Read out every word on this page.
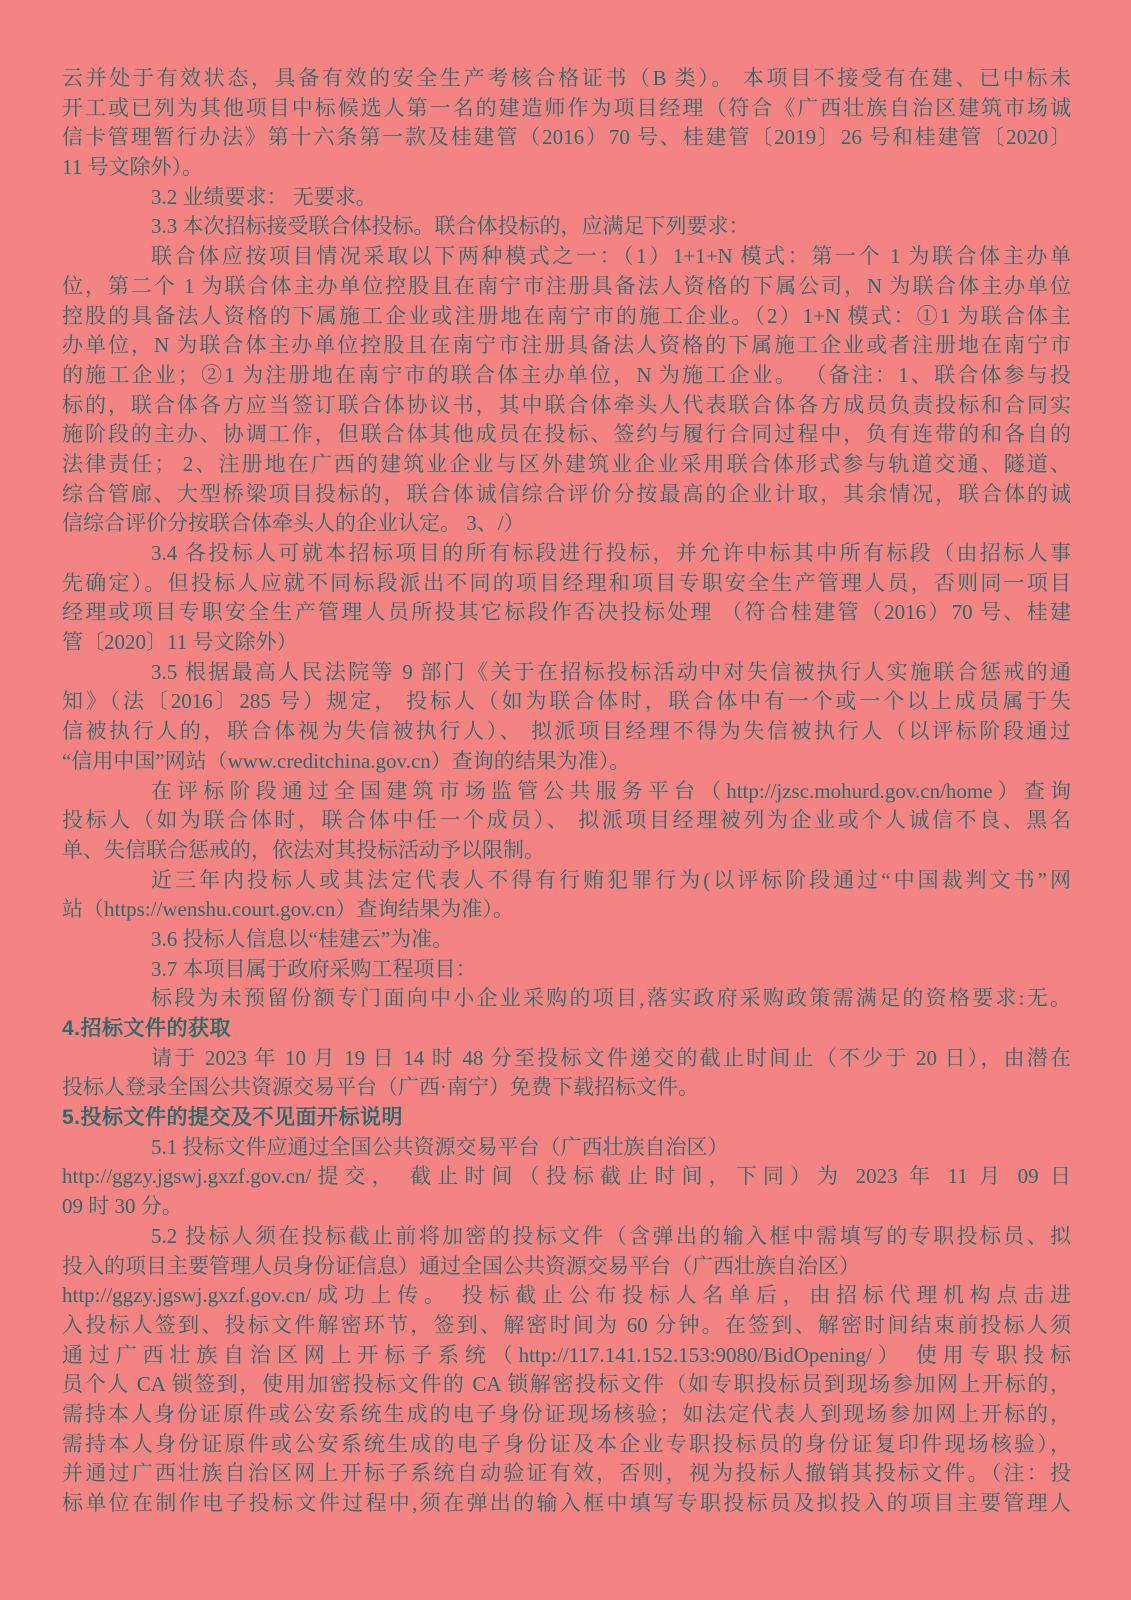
云并处于有效状态，具备有效的安全生产考核合格证书（B 类）。 本项目不接受有在建、已中标未
开工或已列为其他项目中标候选人第一名的建造师作为项目经理（符合《广西壮族自治区建筑市场诚
信卡管理暂行办法》第十六条第一款及桂建管（2016）70 号、桂建管〔2019〕26 号和桂建管〔2020〕
11 号文除外）。
3.2 业绩要求： 无要求。
3.3 本次招标接受联合体投标。联合体投标的，应满足下列要求：
联合体应按项目情况采取以下两种模式之一：（1）1+1+N 模式：第一个 1 为联合体主办单
位，第二个 1 为联合体主办单位控股且在南宁市注册具备法人资格的下属公司，N 为联合体主办单位
控股的具备法人资格的下属施工企业或注册地在南宁市的施工企业。（2）1+N 模式：①1 为联合体主
办单位，N 为联合体主办单位控股且在南宁市注册具备法人资格的下属施工企业或者注册地在南宁市
的施工企业；②1 为注册地在南宁市的联合体主办单位，N 为施工企业。 （备注：1、联合体参与投
标的，联合体各方应当签订联合体协议书，其中联合体牵头人代表联合体各方成员负责投标和合同实
施阶段的主办、协调工作，但联合体其他成员在投标、签约与履行合同过程中，负有连带的和各自的
法律责任； 2、注册地在广西的建筑业企业与区外建筑业企业采用联合体形式参与轨道交通、隧道、
综合管廊、大型桥梁项目投标的，联合体诚信综合评价分按最高的企业计取，其余情况，联合体的诚
信综合评价分按联合体牵头人的企业认定。 3、/）
3.4 各投标人可就本招标项目的所有标段进行投标，并允许中标其中所有标段（由招标人事
先确定）。但投标人应就不同标段派出不同的项目经理和项目专职安全生产管理人员，否则同一项目
经理或项目专职安全生产管理人员所投其它标段作否决投标处理 （符合桂建管（2016）70 号、桂建
管〔2020〕11 号文除外）
3.5 根据最高人民法院等 9 部门《关于在招标投标活动中对失信被执行人实施联合惩戒的通
知》（法〔2016〕285 号）规定， 投标人（如为联合体时，联合体中有一个或一个以上成员属于失
信被执行人的，联合体视为失信被执行人）、 拟派项目经理不得为失信被执行人（以评标阶段通过
“信用中国”网站（www.creditchina.gov.cn）查询的结果为准）。
在评标阶段通过全国建筑市场监管公共服务平台（http://jzsc.mohurd.gov.cn/home）查询
投标人（如为联合体时，联合体中任一个成员）、 拟派项目经理被列为企业或个人诚信不良、黑名
单、失信联合惩戒的，依法对其投标活动予以限制。
近三年内投标人或其法定代表人不得有行贿犯罪行为(以评标阶段通过“中国裁判文书”网
站（https://wenshu.court.gov.cn）查询结果为准）。
3.6 投标人信息以“桂建云”为准。
3.7 本项目属于政府采购工程项目：
标段为未预留份额专门面向中小企业采购的项目,落实政府采购政策需满足的资格要求:无。
4.招标文件的获取
请于 2023 年 10 月 19 日 14 时 48 分至投标文件递交的截止时间止（不少于 20 日），由潜在
投标人登录全国公共资源交易平台（广西·南宁）免费下载招标文件。
5.投标文件的提交及不见面开标说明
5.1 投标文件应通过全国公共资源交易平台（广西壮族自治区）
http://ggzy.jgswj.gxzf.gov.cn/提交， 截止时间（投标截止时间，下同）为 2023 年 11 月 09 日
09 时 30 分。
5.2 投标人须在投标截止前将加密的投标文件（含弹出的输入框中需填写的专职投标员、拟
投入的项目主要管理人员身份证信息）通过全国公共资源交易平台（广西壮族自治区）
http://ggzy.jgswj.gxzf.gov.cn/成功上传。 投标截止公布投标人名单后，由招标代理机构点击进
入投标人签到、投标文件解密环节，签到、解密时间为 60 分钟。在签到、解密时间结束前投标人须
通过广西壮族自治区网上开标子系统（http://117.141.152.153:9080/BidOpening/） 使用专职投标
员个人 CA 锁签到，使用加密投标文件的 CA 锁解密投标文件（如专职投标员到现场参加网上开标的，
需持本人身份证原件或公安系统生成的电子身份证现场核验；如法定代表人到现场参加网上开标的，
需持本人身份证原件或公安系统生成的电子身份证及本企业专职投标员的身份证复印件现场核验），
并通过广西壮族自治区网上开标子系统自动验证有效，否则，视为投标人撤销其投标文件。（注：投
标单位在制作电子投标文件过程中,须在弹出的输入框中填写专职投标员及拟投入的项目主要管理人
